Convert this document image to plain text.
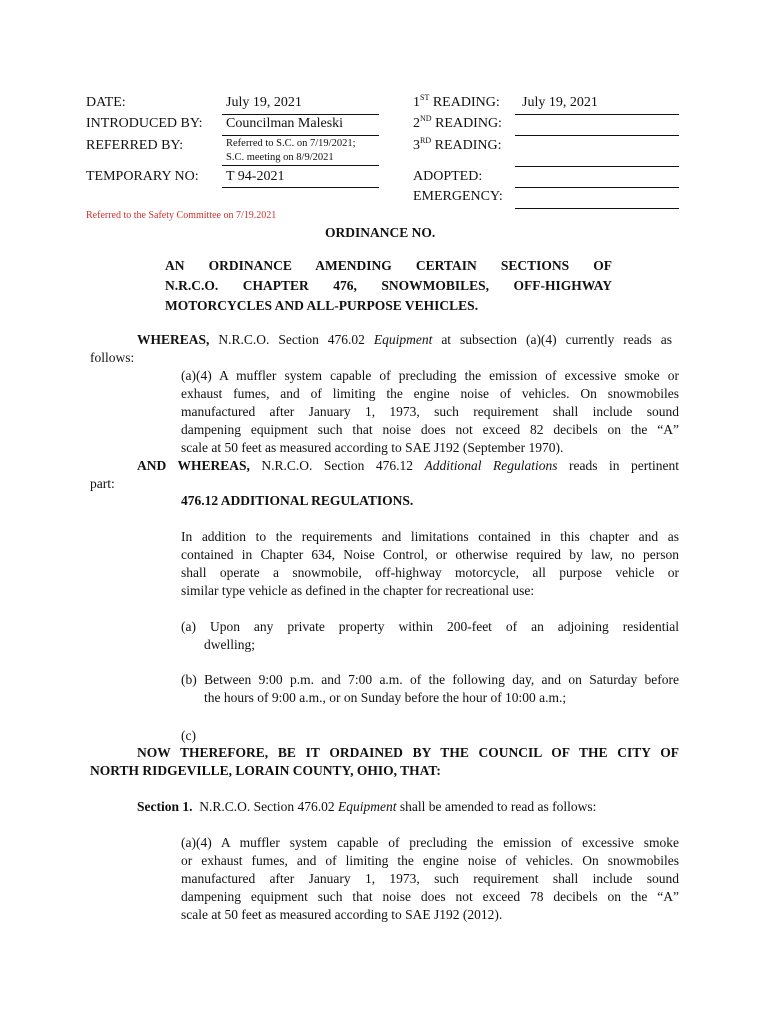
DATE:	July 19, 2021
INTRODUCED BY: Councilman Maleski
REFERRED BY:	Referred to S.C. on 7/19/2021;
S.C. meeting on 8/9/2021
TEMPORARY NO: T 94-2021
1ST READING: July 19, 2021
2ND READING:
3RD READING:
ADOPTED:
EMERGENCY:
Referred to the Safety Committee on 7/19.2021
ORDINANCE NO.
AN ORDINANCE AMENDING CERTAIN SECTIONS OF
N.R.C.O. CHAPTER 476, SNOWMOBILES, OFF-HIGHWAY
MOTORCYCLES AND ALL-PURPOSE VEHICLES.
WHEREAS, N.R.C.O. Section 476.02 Equipment at subsection (a)(4) currently reads as
follows:
(a)(4) A muffler system capable of precluding the emission of excessive smoke or
exhaust fumes, and of limiting the engine noise of vehicles. On snowmobiles
manufactured after January 1, 1973, such requirement shall include sound
dampening equipment such that noise does not exceed 82 decibels on the “A”
scale at 50 feet as measured according to SAE J192 (September 1970).
AND WHEREAS, N.R.C.O. Section 476.12 Additional Regulations reads in pertinent
part:
476.12 ADDITIONAL REGULATIONS.
In addition to the requirements and limitations contained in this chapter and as
contained in Chapter 634, Noise Control, or otherwise required by law, no person
shall operate a snowmobile, off-highway motorcycle, all purpose vehicle or
similar type vehicle as defined in the chapter for recreational use:
(a) Upon any private property within 200-feet of an adjoining residential
dwelling;
(b) Between 9:00 p.m. and 7:00 a.m. of the following day, and on Saturday before
the hours of 9:00 a.m., or on Sunday before the hour of 10:00 a.m.;
(c)
NOW THEREFORE, BE IT ORDAINED BY THE COUNCIL OF THE CITY OF
NORTH RIDGEVILLE, LORAIN COUNTY, OHIO, THAT:
Section 1.  N.R.C.O. Section 476.02 Equipment shall be amended to read as follows:
(a)(4) A muffler system capable of precluding the emission of excessive smoke
or exhaust fumes, and of limiting the engine noise of vehicles. On snowmobiles
manufactured after January 1, 1973, such requirement shall include sound
dampening equipment such that noise does not exceed 78 decibels on the “A”
scale at 50 feet as measured according to SAE J192 (2012).
